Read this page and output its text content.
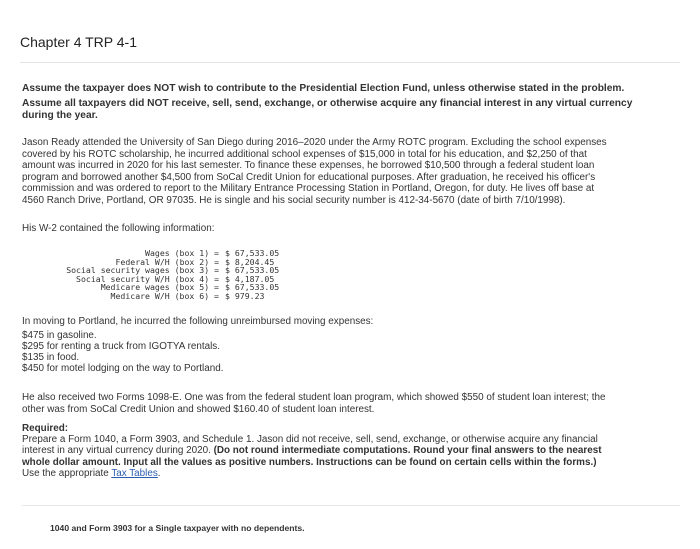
Chapter 4 TRP 4-1
Assume the taxpayer does NOT wish to contribute to the Presidential Election Fund, unless otherwise stated in the problem.
Assume all taxpayers did NOT receive, sell, send, exchange, or otherwise acquire any financial interest in any virtual currency during the year.
Jason Ready attended the University of San Diego during 2016–2020 under the Army ROTC program. Excluding the school expenses
covered by his ROTC scholarship, he incurred additional school expenses of $15,000 in total for his education, and $2,250 of that
amount was incurred in 2020 for his last semester. To finance these expenses, he borrowed $10,500 through a federal student loan
program and borrowed another $4,500 from SoCal Credit Union for educational purposes. After graduation, he received his officer's
commission and was ordered to report to the Military Entrance Processing Station in Portland, Oregon, for duty. He lives off base at
4560 Ranch Drive, Portland, OR 97035. He is single and his social security number is 412-34-5670 (date of birth 7/10/1998).
His W-2 contained the following information:
Wages (box 1) = $ 67,533.05
Federal W/H (box 2) = $ 8,204.45
Social security wages (box 3) = $ 67,533.05
Social security W/H (box 4) = $ 4,187.05
Medicare wages (box 5) = $ 67,533.05
Medicare W/H (box 6) = $ 979.23
In moving to Portland, he incurred the following unreimbursed moving expenses:
$475 in gasoline.
$295 for renting a truck from IGOTYA rentals.
$135 in food.
$450 for motel lodging on the way to Portland.
He also received two Forms 1098-E. One was from the federal student loan program, which showed $550 of student loan interest; the
other was from SoCal Credit Union and showed $160.40 of student loan interest.
Required:
Prepare a Form 1040, a Form 3903, and Schedule 1. Jason did not receive, sell, send, exchange, or otherwise acquire any financial
interest in any virtual currency during 2020. (Do not round intermediate computations. Round your final answers to the nearest
whole dollar amount. Input all the values as positive numbers. Instructions can be found on certain cells within the forms.)
Use the appropriate Tax Tables.
1040 and Form 3903 for a Single taxpayer with no dependents.
